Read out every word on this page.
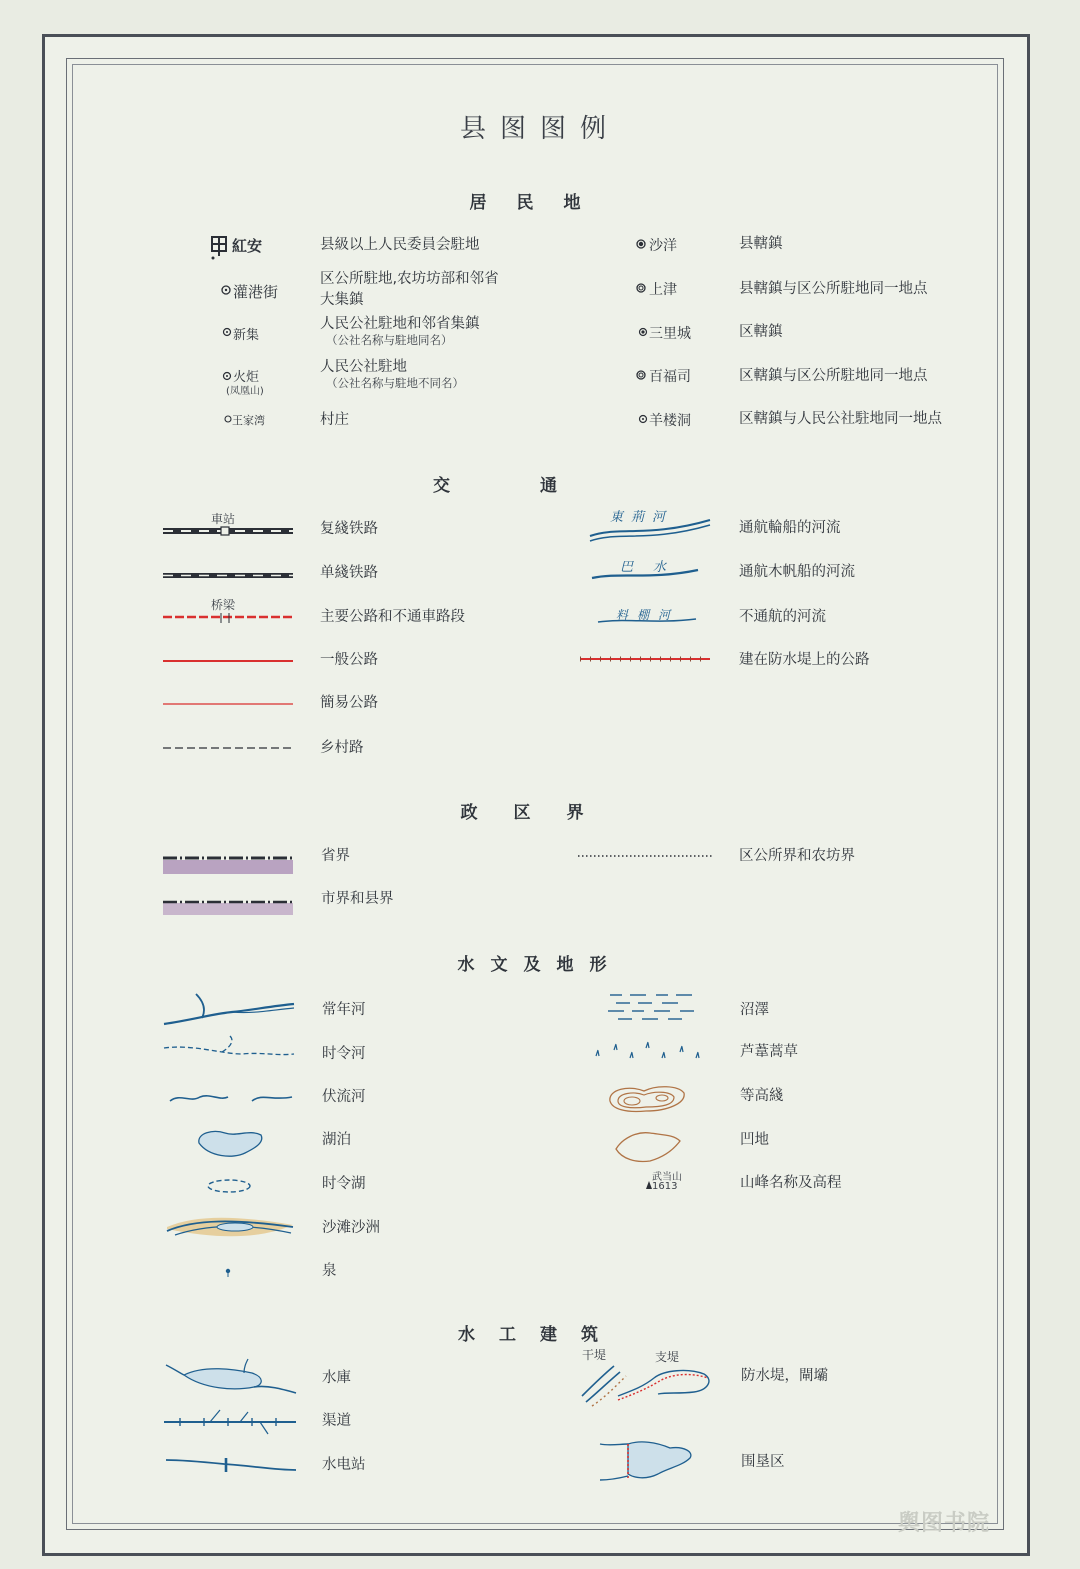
县图图例
居民地
紅安
灌港街
新集
火炬
(凤凰山)
王家湾
县級以上人民委員会駐地
区公所駐地,农坊坊部和邻省
大集鎮
人民公社駐地和邻省集鎮
（公社名称与駐地同名）
人民公社駐地
（公社名称与駐地不同名）
村庄
沙洋
上津
三里城
百福司
羊楼洞
县轄鎮
县轄鎮与区公所駐地同一地点
区轄鎮
区轄鎮与区公所駐地同一地点
区轄鎮与人民公社駐地同一地点
交通
車站
桥梁
复綫铁路
单綫铁路
主要公路和不通車路段
一般公路
簡易公路
乡村路
東荊河
巴水
料棚河
通航輪船的河流
通航木帆船的河流
不通航的河流
建在防水堤上的公路
政区界
省界
市界和县界
区公所界和农坊界
水文及地形
常年河
时令河
伏流河
湖泊
时令湖
沙滩沙洲
泉
武当山
1613
沼澤
芦葦蒿草
等高綫
凹地
山峰名称及高程
水工建筑
水庫
渠道
水电站
干堤	支堤
防水堤，閘壩
围垦区
舆图书院
